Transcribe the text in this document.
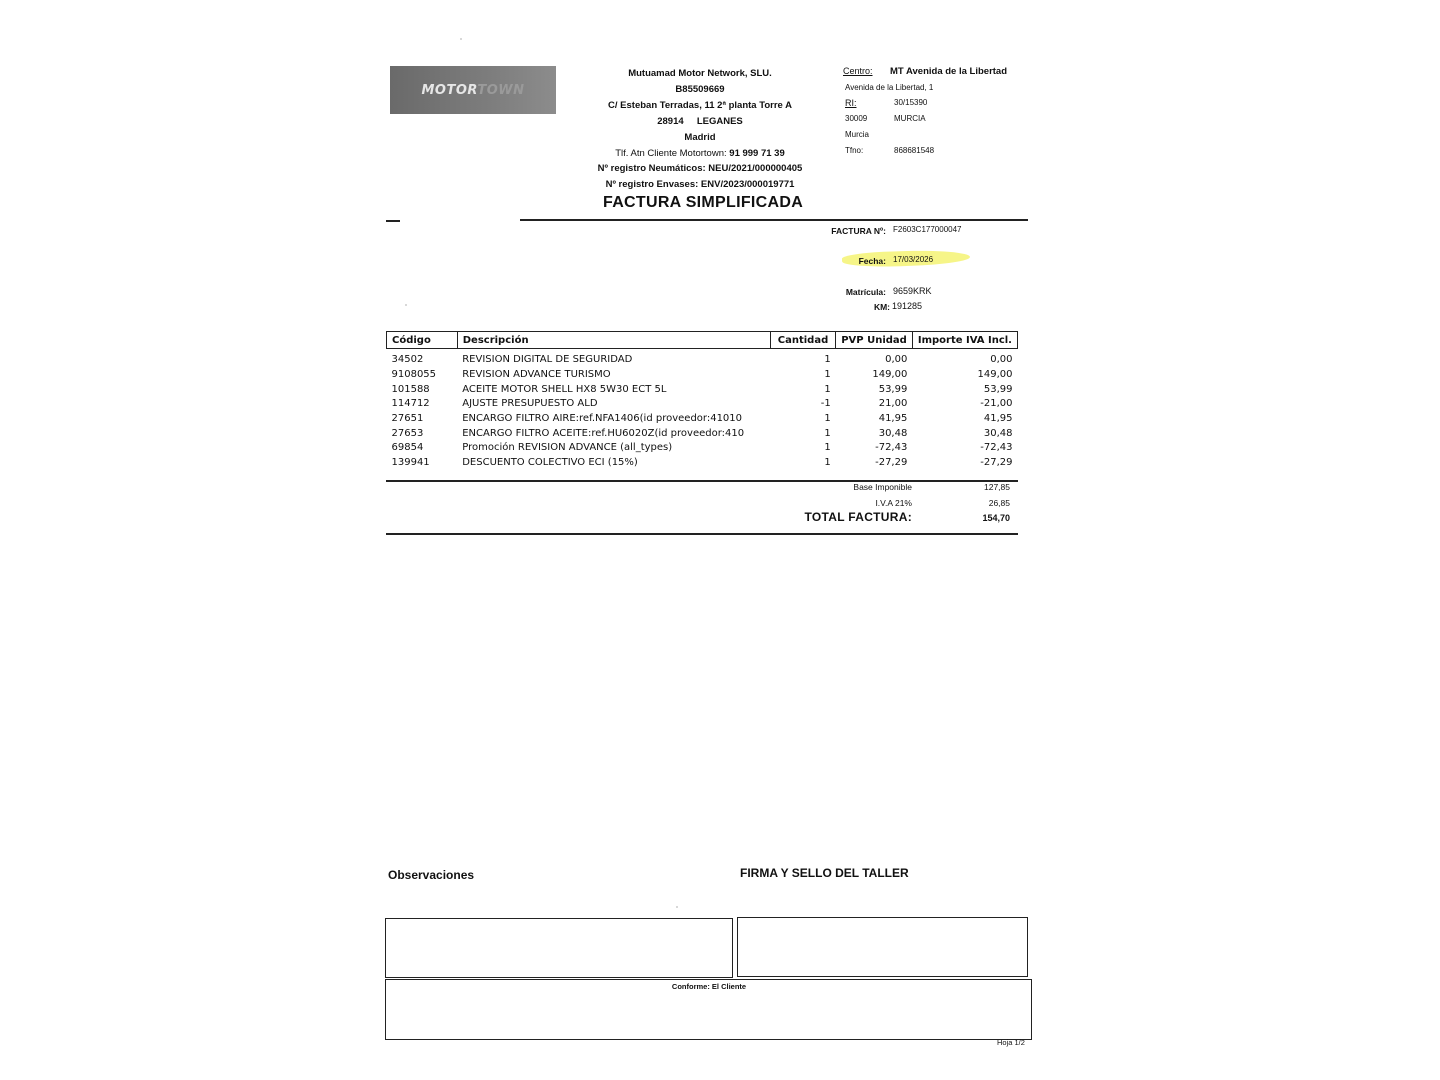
MOTORTOWN
Mutuamad Motor Network, SLU.
B85509669
C/ Esteban Terradas, 11 2ª planta Torre A
28914 LEGANES
Madrid
Tlf. Atn Cliente Motortown: 91 999 71 39
Nº registro Neumáticos: NEU/2021/000000405
Nº registro Envases: ENV/2023/000019771
Centro: MT Avenida de la Libertad
Avenida de la Libertad, 1
RI:	30/15390
30009	MURCIA
Murcia
Tfno:	868681548
FACTURA SIMPLIFICADA
FACTURA Nº: F2603C177000047
Fecha: 17/03/2026
Matrícula: 9659KRK
KM: 191285
Código	Descripción	Cantidad	PVP Unidad	Importe IVA Incl.

34502	REVISION DIGITAL DE SEGURIDAD	1	0,00	0,00
9108055	REVISION ADVANCE TURISMO	1	149,00	149,00
101588	ACEITE MOTOR SHELL HX8 5W30 ECT 5L	1	53,99	53,99
114712	AJUSTE PRESUPUESTO ALD	-1	21,00	-21,00
27651	ENCARGO FILTRO AIRE:ref.NFA1406(id proveedor:41010	1	41,95	41,95
27653	ENCARGO FILTRO ACEITE:ref.HU6020Z(id proveedor:410	1	30,48	30,48
69854	Promoción REVISION ADVANCE (all_types)	1	-72,43	-72,43
139941	DESCUENTO COLECTIVO ECI (15%)	1	-27,29	-27,29
Base Imponible	127,85
I.V.A 21%	26,85
TOTAL FACTURA:	154,70
Observaciones	FIRMA Y SELLO DEL TALLER
Conforme: El Cliente
Hoja 1/2
